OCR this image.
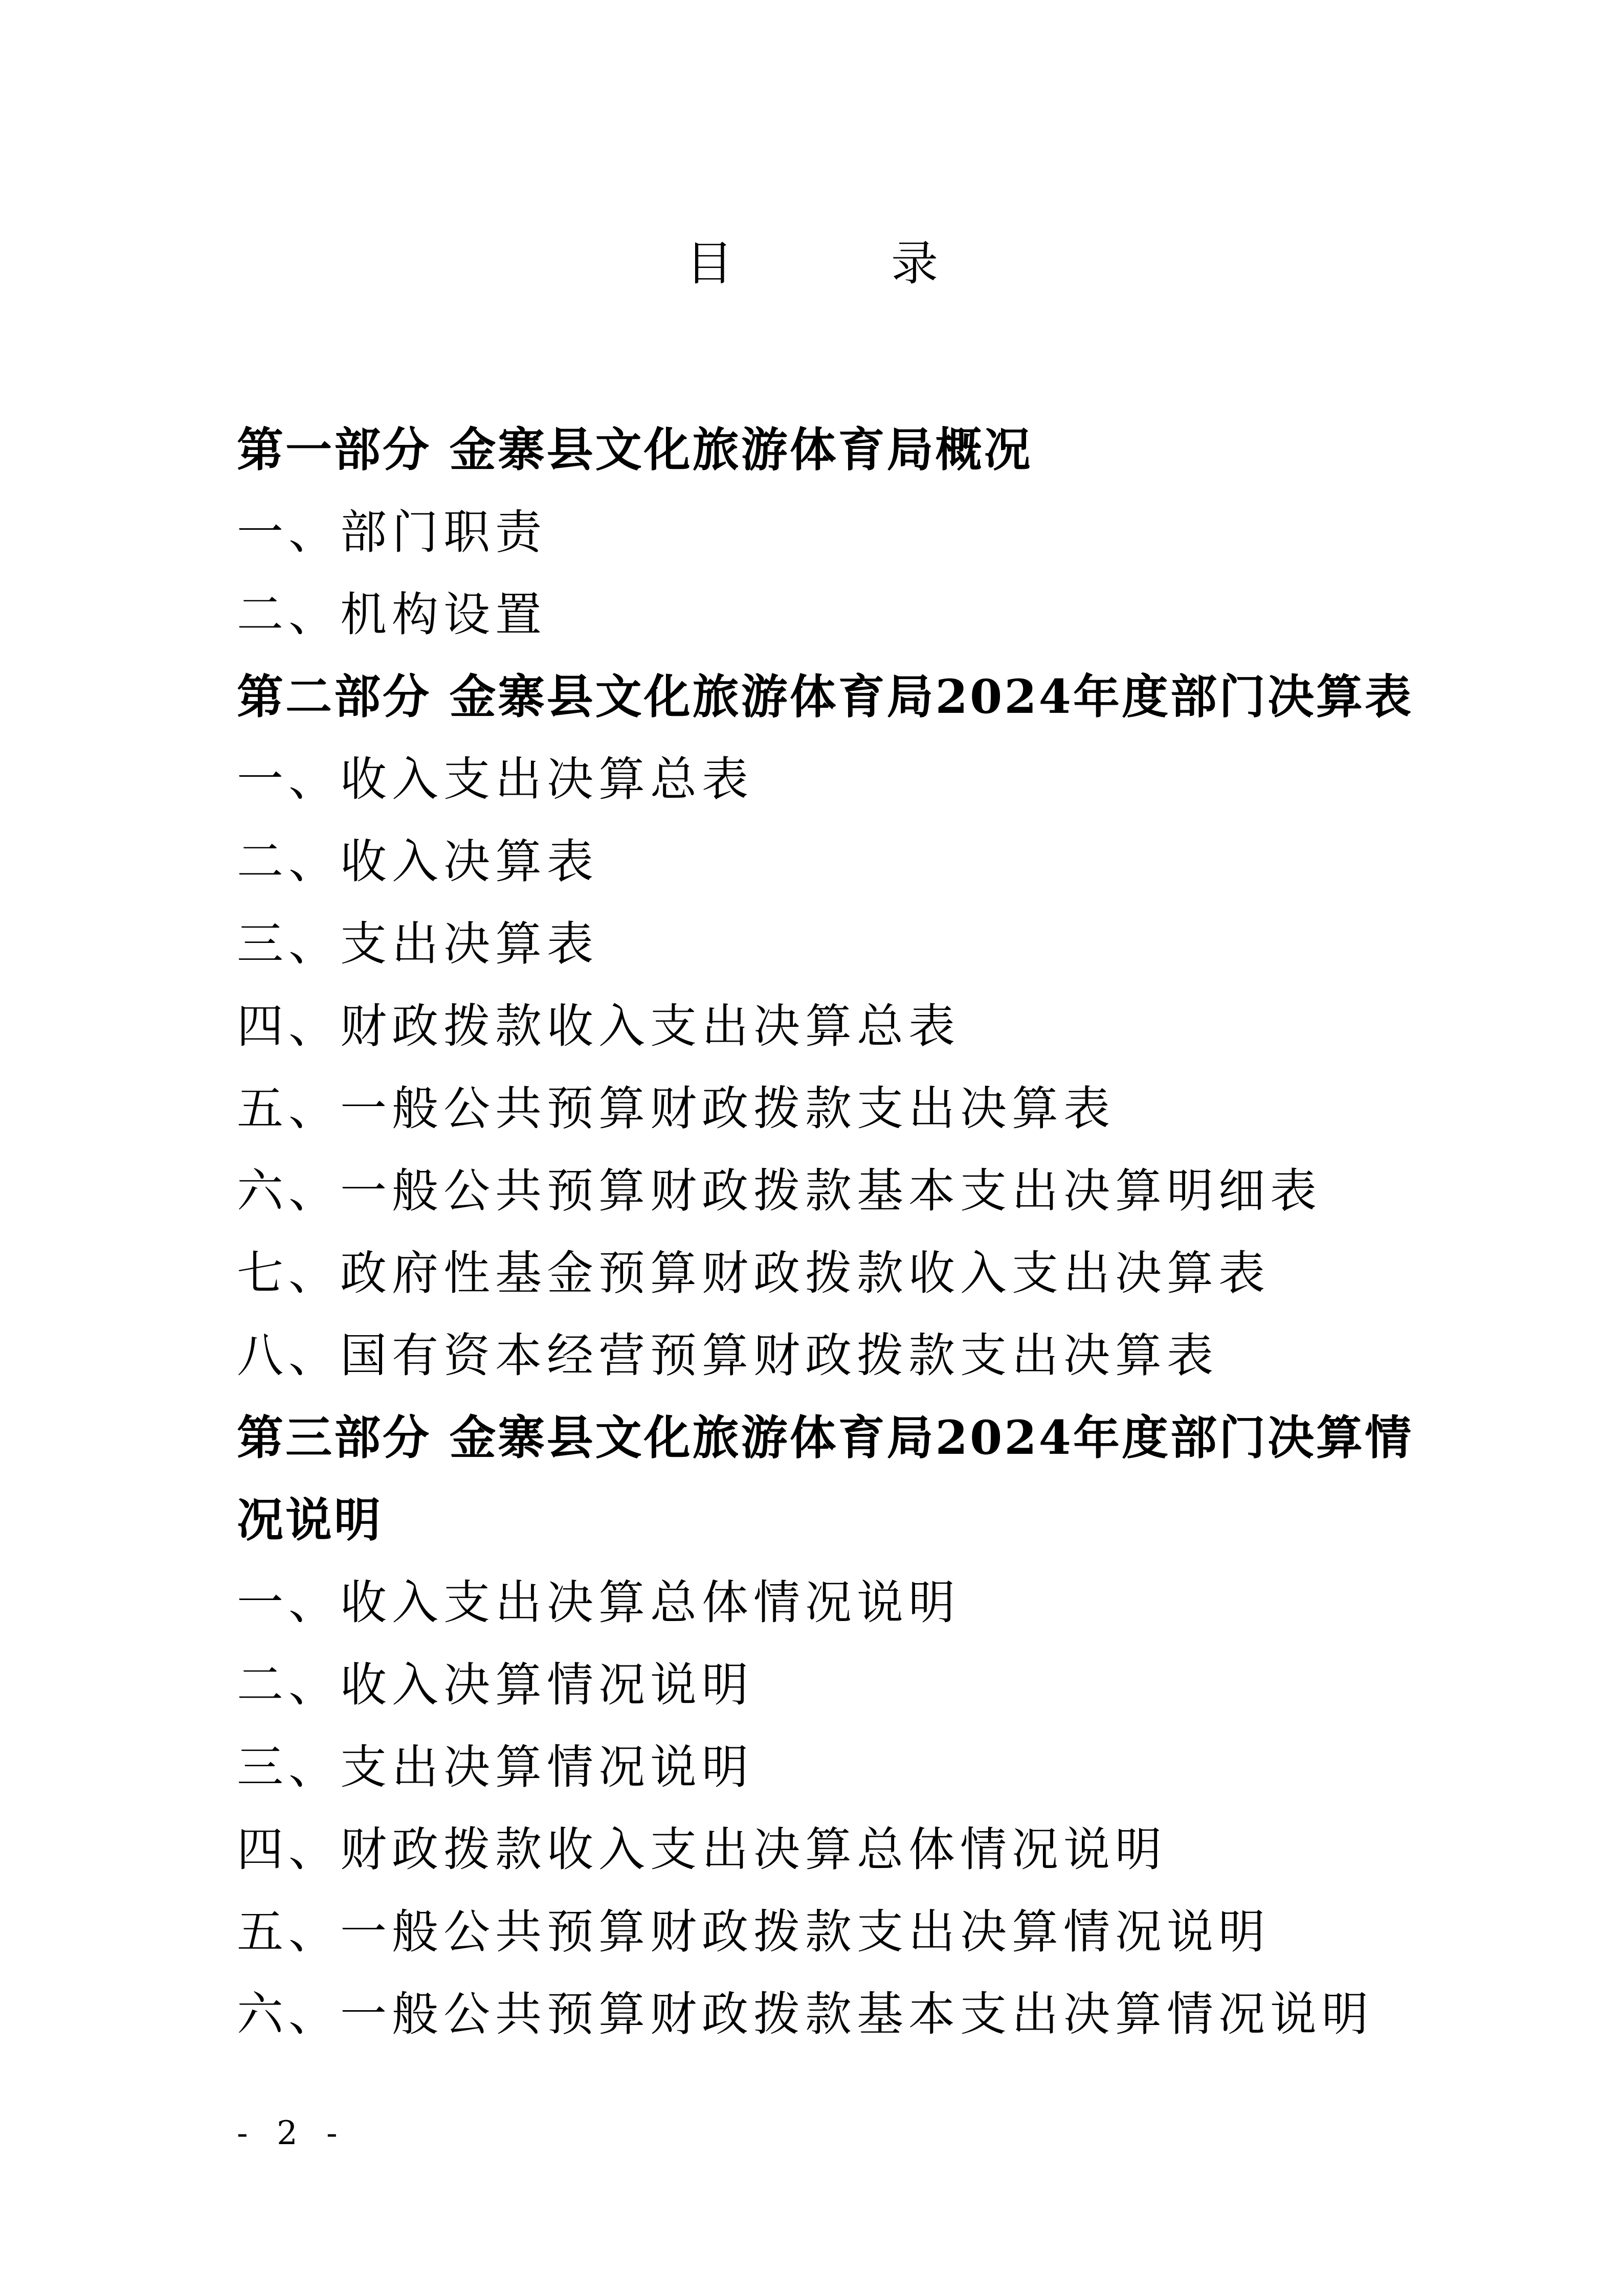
目 录
第一部分 金寨县文化旅游体育局概况
一、部门职责
二、机构设置
第二部分 金寨县文化旅游体育局2024年度部门决算表
一、收入支出决算总表
二、收入决算表
三、支出决算表
四、财政拨款收入支出决算总表
五、一般公共预算财政拨款支出决算表
六、一般公共预算财政拨款基本支出决算明细表
七、政府性基金预算财政拨款收入支出决算表
八、国有资本经营预算财政拨款支出决算表
第三部分 金寨县文化旅游体育局2024年度部门决算情
况说明
一、收入支出决算总体情况说明
二、收入决算情况说明
三、支出决算情况说明
四、财政拨款收入支出决算总体情况说明
五、一般公共预算财政拨款支出决算情况说明
六、一般公共预算财政拨款基本支出决算情况说明
- 2 -
